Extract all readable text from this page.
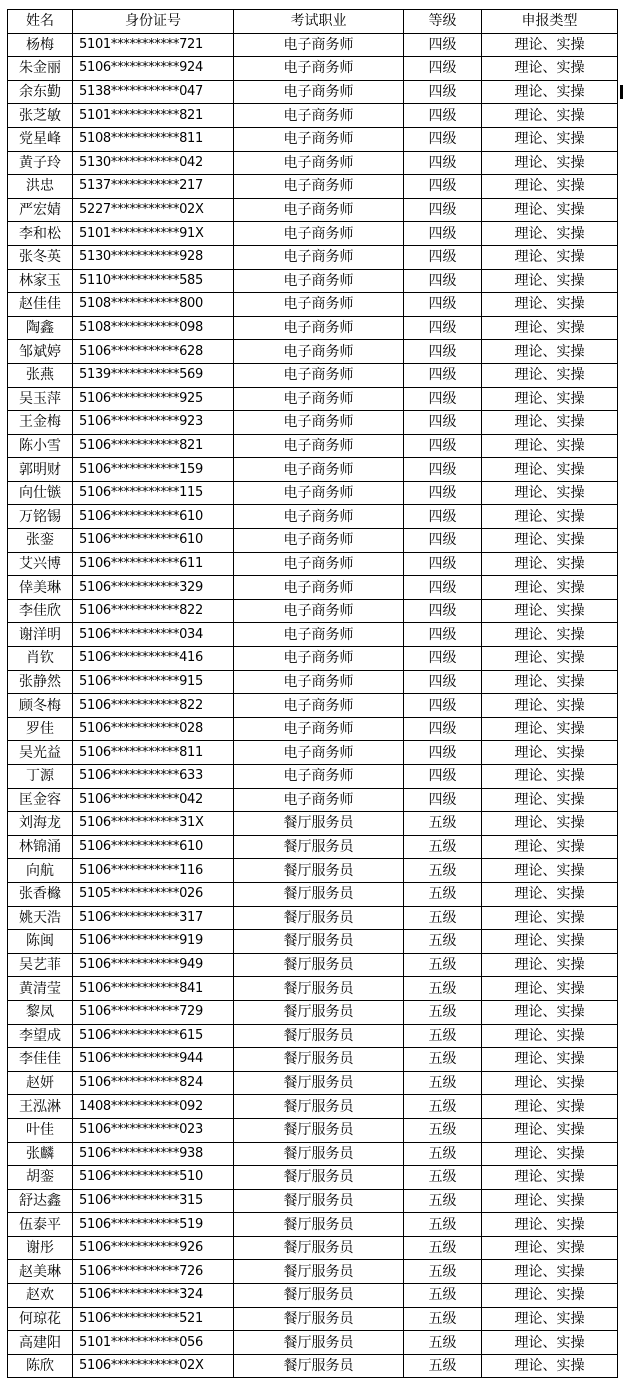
姓名	身份证号	考试职业	等级	申报类型
杨梅	5101***********721	电子商务师	四级	理论、实操
朱金丽	5106***********924	电子商务师	四级	理论、实操
余东勤	5138***********047	电子商务师	四级	理论、实操
张芝敏	5101***********821	电子商务师	四级	理论、实操
党星峰	5108***********811	电子商务师	四级	理论、实操
黄子玲	5130***********042	电子商务师	四级	理论、实操
洪忠	5137***********217	电子商务师	四级	理论、实操
严宏婧	5227***********02X	电子商务师	四级	理论、实操
李和松	5101***********91X	电子商务师	四级	理论、实操
张冬英	5130***********928	电子商务师	四级	理论、实操
林家玉	5110***********585	电子商务师	四级	理论、实操
赵佳佳	5108***********800	电子商务师	四级	理论、实操
陶鑫	5108***********098	电子商务师	四级	理论、实操
邹斌婷	5106***********628	电子商务师	四级	理论、实操
张燕	5139***********569	电子商务师	四级	理论、实操
吴玉萍	5106***********925	电子商务师	四级	理论、实操
王金梅	5106***********923	电子商务师	四级	理论、实操
陈小雪	5106***********821	电子商务师	四级	理论、实操
郭明财	5106***********159	电子商务师	四级	理论、实操
向仕镞	5106***********115	电子商务师	四级	理论、实操
万铭锡	5106***********610	电子商务师	四级	理论、实操
张銮	5106***********610	电子商务师	四级	理论、实操
艾兴博	5106***********611	电子商务师	四级	理论、实操
倖美琳	5106***********329	电子商务师	四级	理论、实操
李佳欣	5106***********822	电子商务师	四级	理论、实操
谢洋明	5106***********034	电子商务师	四级	理论、实操
肖钦	5106***********416	电子商务师	四级	理论、实操
张静然	5106***********915	电子商务师	四级	理论、实操
顾冬梅	5106***********822	电子商务师	四级	理论、实操
罗佳	5106***********028	电子商务师	四级	理论、实操
吴光益	5106***********811	电子商务师	四级	理论、实操
丁源	5106***********633	电子商务师	四级	理论、实操
匡金容	5106***********042	电子商务师	四级	理论、实操
刘海龙	5106***********31X	餐厅服务员	五级	理论、实操
林锦涌	5106***********610	餐厅服务员	五级	理论、实操
向航	5106***********116	餐厅服务员	五级	理论、实操
张香櫞	5105***********026	餐厅服务员	五级	理论、实操
姚天浩	5106***********317	餐厅服务员	五级	理论、实操
陈闽	5106***********919	餐厅服务员	五级	理论、实操
吴艺菲	5106***********949	餐厅服务员	五级	理论、实操
黄清莹	5106***********841	餐厅服务员	五级	理论、实操
黎凤	5106***********729	餐厅服务员	五级	理论、实操
李望成	5106***********615	餐厅服务员	五级	理论、实操
李佳佳	5106***********944	餐厅服务员	五级	理论、实操
赵妍	5106***********824	餐厅服务员	五级	理论、实操
王泓淋	1408***********092	餐厅服务员	五级	理论、实操
叶佳	5106***********023	餐厅服务员	五级	理论、实操
张麟	5106***********938	餐厅服务员	五级	理论、实操
胡銮	5106***********510	餐厅服务员	五级	理论、实操
舒达鑫	5106***********315	餐厅服务员	五级	理论、实操
伍泰平	5106***********519	餐厅服务员	五级	理论、实操
谢彤	5106***********926	餐厅服务员	五级	理论、实操
赵美琳	5106***********726	餐厅服务员	五级	理论、实操
赵欢	5106***********324	餐厅服务员	五级	理论、实操
何琼花	5106***********521	餐厅服务员	五级	理论、实操
高建阳	5101***********056	餐厅服务员	五级	理论、实操
陈欣	5106***********02X	餐厅服务员	五级	理论、实操
